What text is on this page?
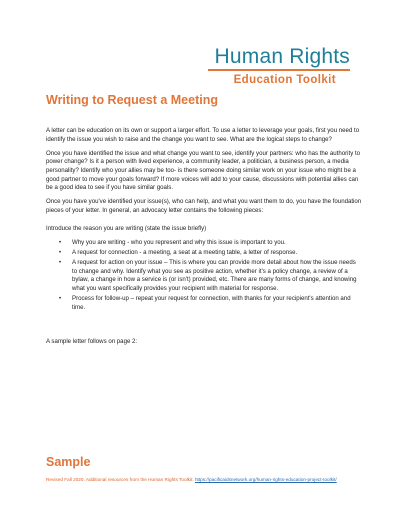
Human Rights
Education Toolkit
Writing to Request a Meeting

A letter can be education on its own or support a larger effort. To use a letter to leverage your goals, first you need to identify the issue you wish to raise and the change you want to see. What are the logical steps to change?

Once you have identified the issue and what change you want to see, identify your partners: who has the authority to power change? Is it a person with lived experience, a community leader, a politician, a business person, a media personality? Identify who your allies may be too- is there someone doing similar work on your issue who might be a good partner to move your goals forward? If more voices will add to your cause, discussions with potential allies can be a good idea to see if you have similar goals.

Once you have you've identified your issue(s), who can help, and what you want them to do, you have the foundation pieces of your letter. In general, an advocacy letter contains the following pieces:

Introduce the reason you are writing (state the issue briefly)

• Why you are writing - who you represent and why this issue is important to you.
• A request for connection - a meeting, a seat at a meeting table, a letter of response.
• A request for action on your issue – This is where you can provide more detail about how the issue needs to change and why. Identify what you see as positive action, whether it's a policy change, a review of a bylaw, a change in how a service is (or isn't) provided, etc. There are many forms of change, and knowing what you want specifically provides your recipient with material for response.
• Process for follow-up – repeat your request for connection, with thanks for your recipient's attention and time.

A sample letter follows on page 2:

Sample
Revised Fall 2020. Additional resources from the Human Rights Toolkit: https://pacificaidsnetwork.org/human-rights-education-project-toolkit/
